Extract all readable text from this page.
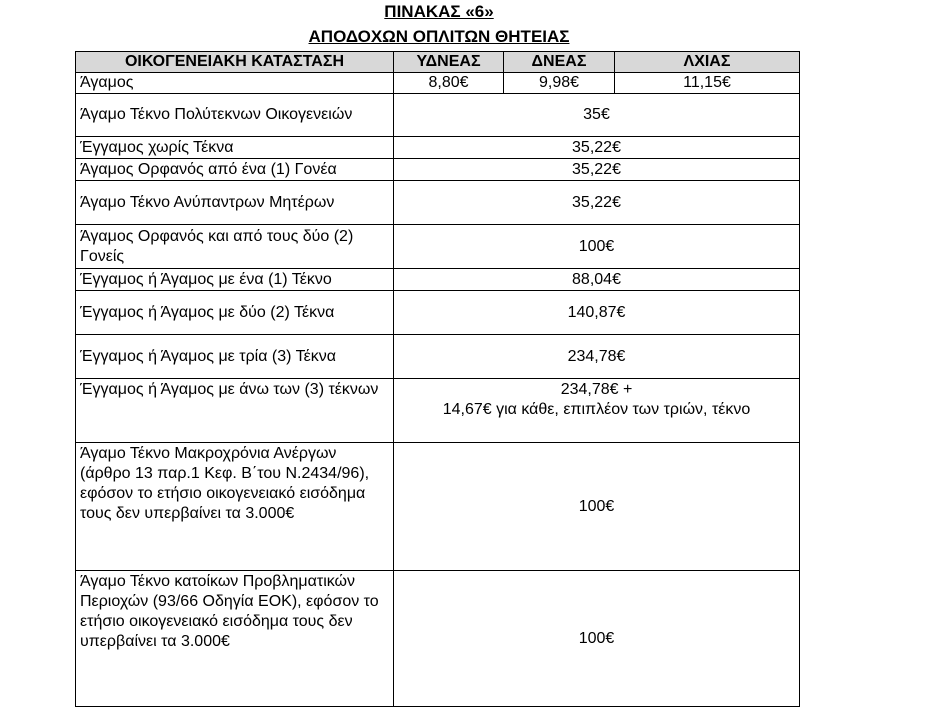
ΠΙΝΑΚΑΣ «6»
ΑΠΟΔΟΧΩΝ ΟΠΛΙΤΩΝ ΘΗΤΕΙΑΣ
ΟΙΚΟΓΕΝΕΙΑΚΗ ΚΑΤΑΣΤΑΣΗ	ΥΔΝΕΑΣ	ΔΝΕΑΣ	ΛΧΙΑΣ
Άγαμος	8,80€	9,98€	11,15€
Άγαμο Τέκνο Πολύτεκνων Οικογενειών	35€		
Έγγαμος χωρίς Τέκνα	35,22€		
Άγαμος Ορφανός από ένα (1) Γονέα	35,22€		
Άγαμο Τέκνο Ανύπαντρων Μητέρων	35,22€		
Άγαμος Ορφανός και από τους δύο (2) Γονείς	100€		
Έγγαμος ή Άγαμος με ένα (1) Τέκνο	88,04€		
Έγγαμος ή Άγαμος με δύο (2) Τέκνα	140,87€		
Έγγαμος ή Άγαμος με τρία (3) Τέκνα	234,78€		
Έγγαμος ή Άγαμος με άνω των (3) τέκνων	234,78€ +
14,67€ για κάθε, επιπλέον των τριών, τέκνο		

Άγαμο Τέκνο Μακροχρόνια Ανέργων (άρθρο 13 παρ.1 Κεφ. Β΄του Ν.2434/96), εφόσον το ετήσιο οικογενειακό εισόδημα τους δεν υπερβαίνει τα 3.000€	100€		
Άγαμο Τέκνο κατοίκων Προβληματικών Περιοχών (93/66 Οδηγία ΕΟΚ), εφόσον το ετήσιο οικογενειακό εισόδημα τους δεν υπερβαίνει τα 3.000€	100€		
